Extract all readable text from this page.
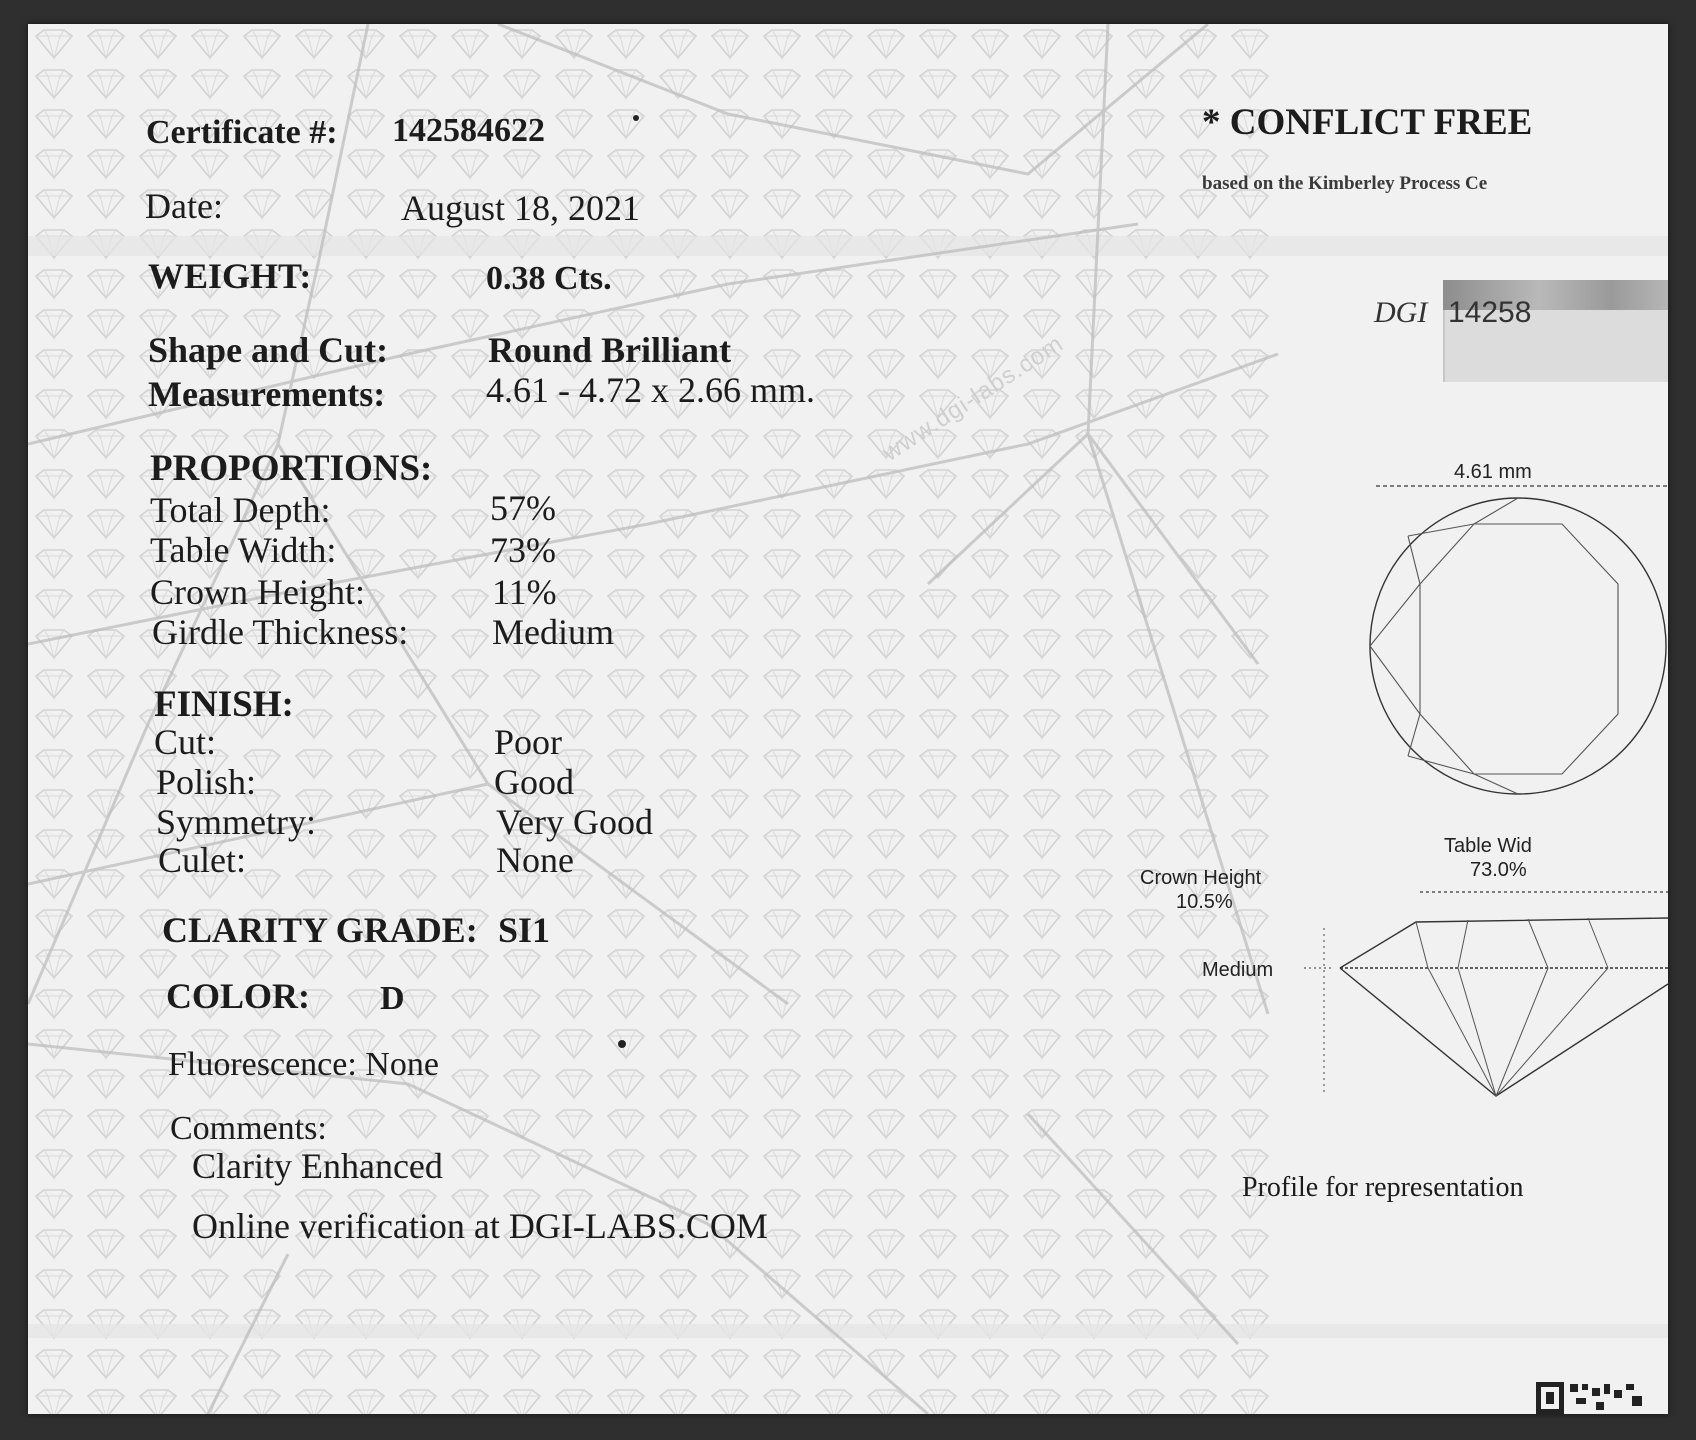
www.dgi-labs.com

Certificate #: 142584622

Date:	August 18, 2021

WEIGHT:	0.38 Cts.

Shape and Cut:	Round Brilliant

Measurements:	4.61 - 4.72 x 2.66 mm.

PROPORTIONS:

Total Depth:	57%

Table Width:	73%

Crown Height:	11%

Girdle Thickness: Medium

FINISH:

Cut:	Poor

Polish:	Good

Symmetry:	Very Good

Culet:	None

CLARITY GRADE: SI1

COLOR: D

Fluorescence: None

Comments:

Clarity Enhanced

Online verification at DGI-LABS.COM

* CONFLICT FREE

based on the Kimberley Process Ce

DGI 14258

4.61 mm

Table Wid

73.0%

Crown Height

10.5%

Medium

Profile for representation
